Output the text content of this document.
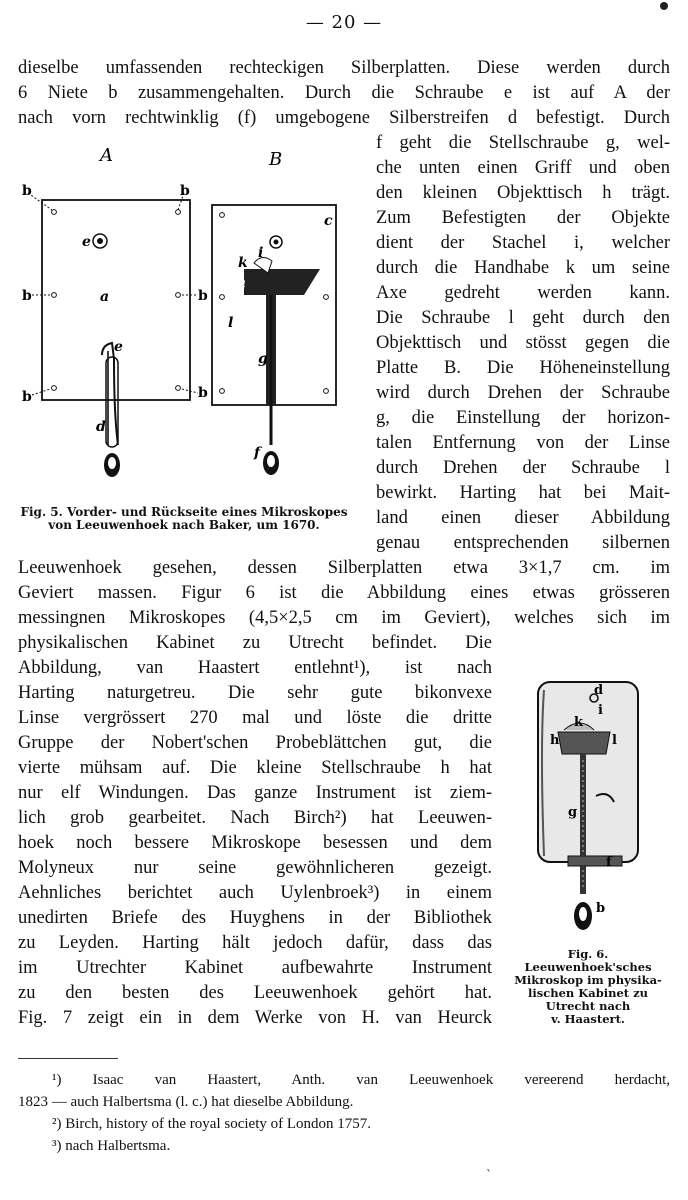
— 20 —
dieselbe umfassenden rechteckigen Silberplatten. Diese werden durch
6 Niete b zusammengehalten. Durch die Schraube e ist auf A der
nach vorn rechtwinklig (f) umgebogene Silberstreifen d befestigt. Durch
f geht die Stellschraube g, wel-
che unten einen Griff und oben
den kleinen Objekttisch h trägt.
Zum Befestigten der Objekte
dient der Stachel i, welcher
durch die Handhabe k um seine
Axe gedreht werden kann.
Die Schraube l geht durch den
Objekttisch und stösst gegen die
Platte B. Die Höheneinstellung
wird durch Drehen der Schraube
g, die Einstellung der horizon-
talen Entfernung von der Linse
durch Drehen der Schraube l
bewirkt. Harting hat bei Mait-
land einen dieser Abbildung
genau entsprechenden silbernen
Leeuwenhoek gesehen, dessen Silberplatten etwa 3×1,7 cm. im
Geviert massen. Figur 6 ist die Abbildung eines etwas grösseren
messingnen Mikroskopes (4,5×2,5 cm im Geviert), welches sich im
physikalischen Kabinet zu Utrecht befindet. Die
Abbildung, van Haastert entlehnt¹), ist nach
Harting naturgetreu. Die sehr gute bikonvexe
Linse vergrössert 270 mal und löste die dritte
Gruppe der Nobert'schen Probeblättchen gut, die
vierte mühsam auf. Die kleine Stellschraube h hat
nur elf Windungen. Das ganze Instrument ist ziem-
lich grob gearbeitet. Nach Birch²) hat Leeuwen-
hoek noch bessere Mikroskope besessen und dem
Molyneux nur seine gewöhnlicheren gezeigt.
Aehnliches berichtet auch Uylenbroek³) in einem
unedirten Briefe des Huyghens in der Bibliothek
zu Leyden. Harting hält jedoch dafür, dass das
im Utrechter Kabinet aufbewahrte Instrument
zu den besten des Leeuwenhoek gehört hat.
Fig. 7 zeigt ein in dem Werke von H. van Heurck
A	B
b	b
b	b
b	b
e
a
e
d
c
i
k
h
l
g
f
Fig. 5. Vorder- und Rückseite eines Mikroskopes
von Leeuwenhoek nach Baker, um 1670.
d
i
k
h	l
g
f
b
Fig. 6.
Leeuwenhoek'sches
Mikroskop im physika-
lischen Kabinet zu
Utrecht nach
v. Haastert.
¹) Isaac van Haastert, Anth. van Leeuwenhoek vereerend herdacht,
1823 — auch Halbertsma (l. c.) hat dieselbe Abbildung.
²) Birch, history of the royal society of London 1757.
³) nach Halbertsma.
`
